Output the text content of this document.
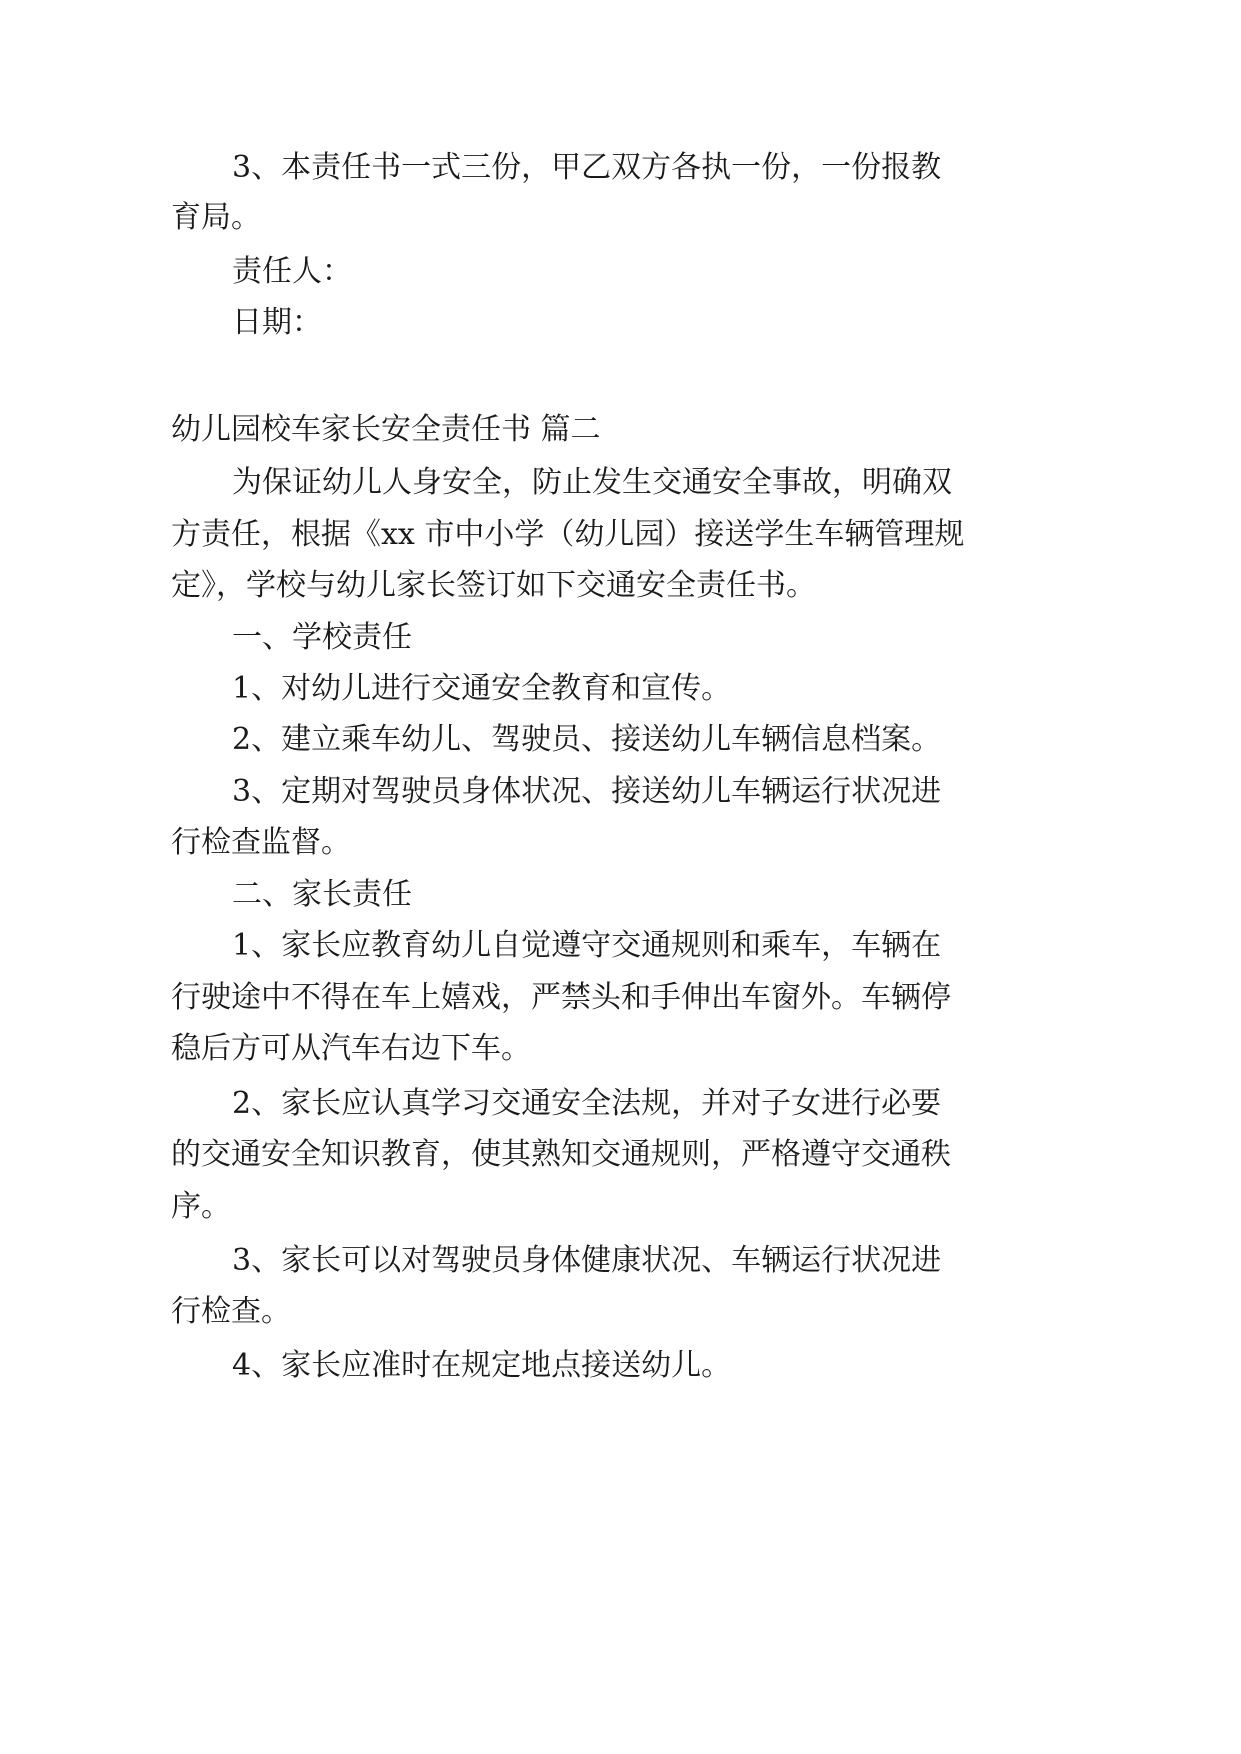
3、本责任书一式三份，甲乙双方各执一份，一份报教
育局。
责任人：
日期：
幼儿园校车家长安全责任书 篇二
为保证幼儿人身安全，防止发生交通安全事故，明确双
方责任，根据《xx 市中小学（幼儿园）接送学生车辆管理规
定》，学校与幼儿家长签订如下交通安全责任书。
一、学校责任
1、对幼儿进行交通安全教育和宣传。
2、建立乘车幼儿、驾驶员、接送幼儿车辆信息档案。
3、定期对驾驶员身体状况、接送幼儿车辆运行状况进
行检查监督。
二、家长责任
1、家长应教育幼儿自觉遵守交通规则和乘车，车辆在
行驶途中不得在车上嬉戏，严禁头和手伸出车窗外。车辆停
稳后方可从汽车右边下车。
2、家长应认真学习交通安全法规，并对子女进行必要
的交通安全知识教育，使其熟知交通规则，严格遵守交通秩
序。
3、家长可以对驾驶员身体健康状况、车辆运行状况进
行检查。
4、家长应准时在规定地点接送幼儿。
